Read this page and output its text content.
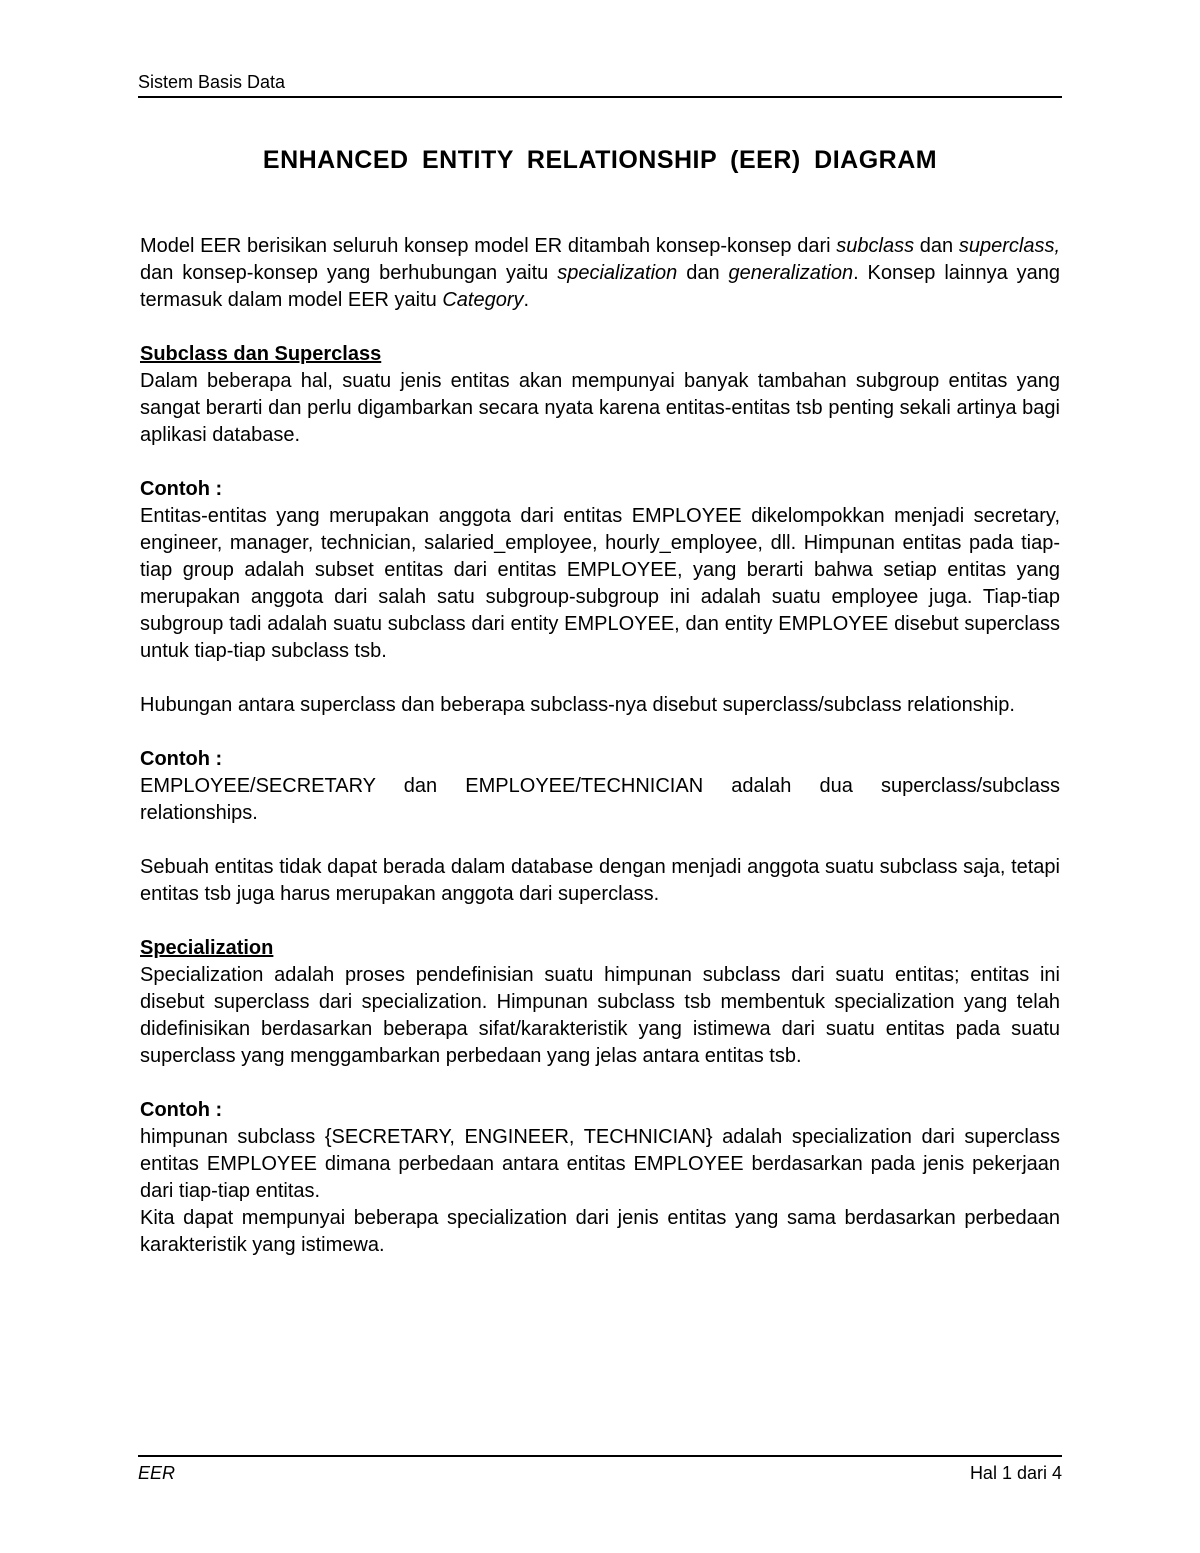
Sistem Basis Data
ENHANCED ENTITY RELATIONSHIP (EER) DIAGRAM

Model EER berisikan seluruh konsep model ER ditambah konsep-konsep dari subclass dan superclass, dan konsep-konsep yang berhubungan yaitu specialization dan generalization. Konsep lainnya yang termasuk dalam model EER yaitu Category.

Subclass dan Superclass

Dalam beberapa hal, suatu jenis entitas akan mempunyai banyak tambahan subgroup entitas yang sangat berarti dan perlu digambarkan secara nyata karena entitas-entitas tsb penting sekali artinya bagi aplikasi database.

Contoh :

Entitas-entitas yang merupakan anggota dari entitas EMPLOYEE dikelompokkan menjadi secretary, engineer, manager, technician, salaried_employee, hourly_employee, dll. Himpunan entitas pada tiap-tiap group adalah subset entitas dari entitas EMPLOYEE, yang berarti bahwa setiap entitas yang merupakan anggota dari salah satu subgroup-subgroup ini adalah suatu employee juga. Tiap-tiap subgroup tadi adalah suatu subclass dari entity EMPLOYEE, dan entity EMPLOYEE disebut superclass untuk tiap-tiap subclass tsb.

Hubungan antara superclass dan beberapa subclass-nya disebut superclass/subclass relationship.

Contoh :

EMPLOYEE/SECRETARY dan EMPLOYEE/TECHNICIAN adalah dua superclass/subclass relationships.

Sebuah entitas tidak dapat berada dalam database dengan menjadi anggota suatu subclass saja, tetapi entitas tsb juga harus merupakan anggota dari superclass.

Specialization

Specialization adalah proses pendefinisian suatu himpunan subclass dari suatu entitas; entitas ini disebut superclass dari specialization. Himpunan subclass tsb membentuk specialization yang telah didefinisikan berdasarkan beberapa sifat/karakteristik yang istimewa dari suatu entitas pada suatu superclass yang menggambarkan perbedaan yang jelas antara entitas tsb.

Contoh :

himpunan subclass {SECRETARY, ENGINEER, TECHNICIAN} adalah specialization dari superclass entitas EMPLOYEE dimana perbedaan antara entitas EMPLOYEE berdasarkan pada jenis pekerjaan dari tiap-tiap entitas.

Kita dapat mempunyai beberapa specialization dari jenis entitas yang sama berdasarkan perbedaan karakteristik yang istimewa.

EER	Hal 1 dari 4
